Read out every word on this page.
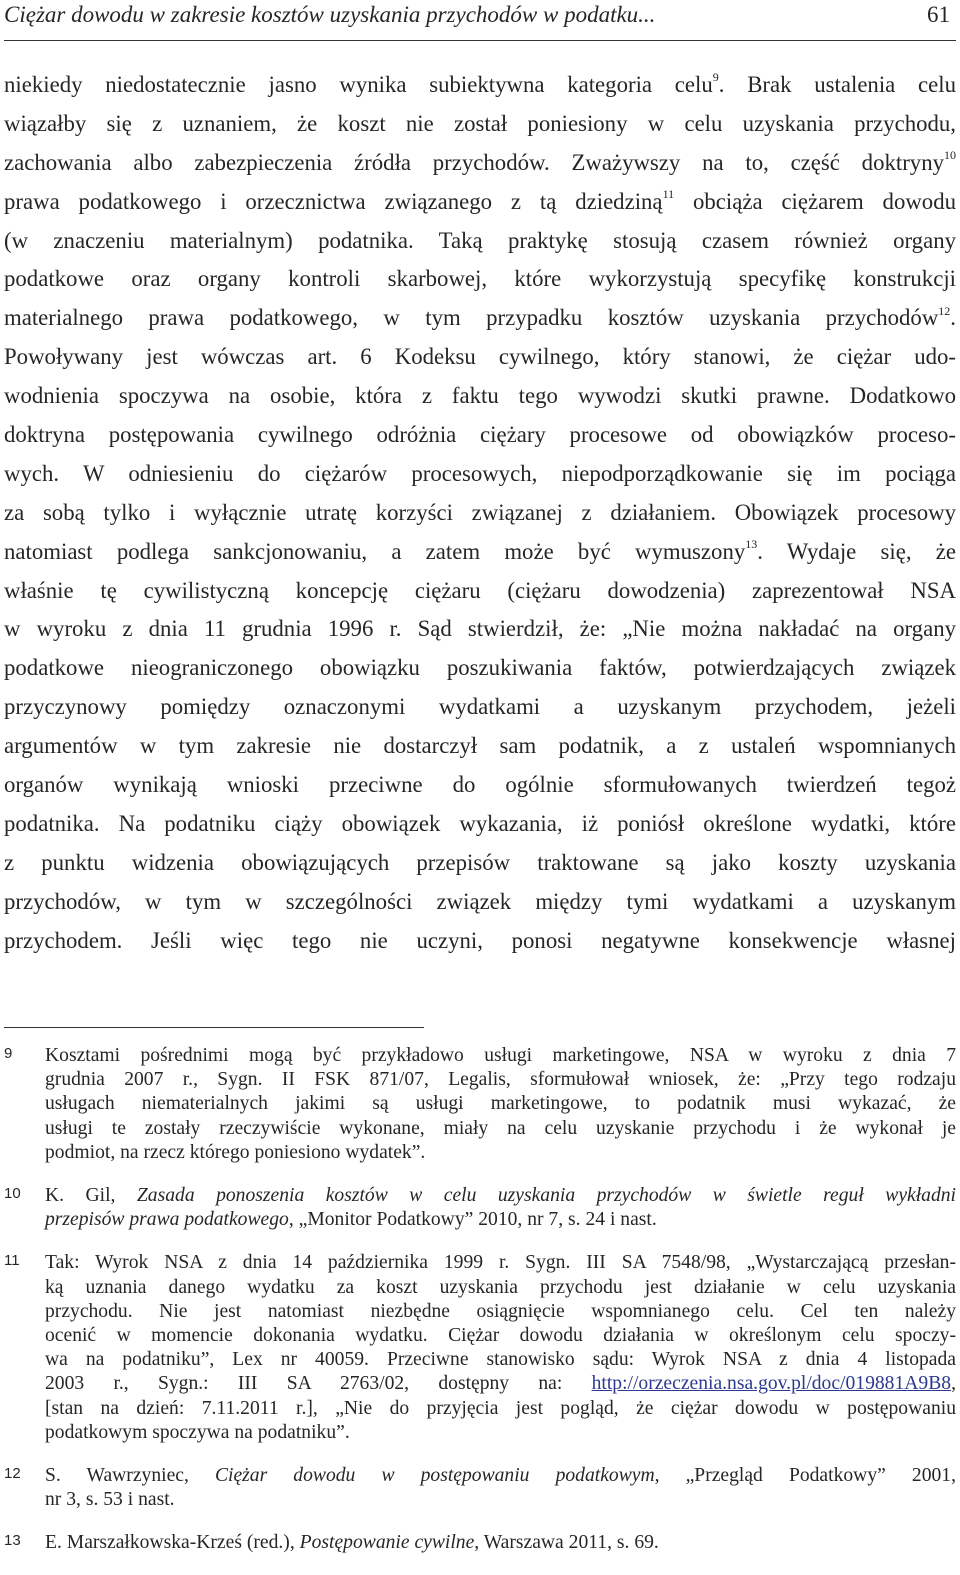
Ciężar dowodu w zakresie kosztów uzyskania przychodów w podatku...	61
niekiedy niedostatecznie jasno wynika subiektywna kategoria celu$^9$. Brak ustalenia celu
wiązałby się z uznaniem, że koszt nie został poniesiony w celu uzyskania przychodu,
zachowania albo zabezpieczenia źródła przychodów. Zważywszy na to, część doktryny$^{10}$
prawa podatkowego i orzecznictwa związanego z tą dziedziną$^{11}$ obciąża ciężarem dowodu
(w znaczeniu materialnym) podatnika. Taką praktykę stosują czasem również organy
podatkowe oraz organy kontroli skarbowej, które wykorzystują specyfikę konstrukcji
materialnego prawa podatkowego, w tym przypadku kosztów uzyskania przychodów$^{12}$.
Powoływany jest wówczas art. 6 Kodeksu cywilnego, który stanowi, że ciężar udo-
wodnienia spoczywa na osobie, która z faktu tego wywodzi skutki prawne. Dodatkowo
doktryna postępowania cywilnego odróżnia ciężary procesowe od obowiązków proceso-
wych. W odniesieniu do ciężarów procesowych, niepodporządkowanie się im pociąga
za sobą tylko i wyłącznie utratę korzyści związanej z działaniem. Obowiązek procesowy
natomiast podlega sankcjonowaniu, a zatem może być wymuszony$^{13}$. Wydaje się, że
właśnie tę cywilistyczną koncepcję ciężaru (ciężaru dowodzenia) zaprezentował NSA
w wyroku z dnia 11 grudnia 1996 r. Sąd stwierdził, że: „Nie można nakładać na organy
podatkowe nieograniczonego obowiązku poszukiwania faktów, potwierdzających związek
przyczynowy pomiędzy oznaczonymi wydatkami a uzyskanym przychodem, jeżeli
argumentów w tym zakresie nie dostarczył sam podatnik, a z ustaleń wspomnianych
organów wynikają wnioski przeciwne do ogólnie sformułowanych twierdzeń tegoż
podatnika. Na podatniku ciąży obowiązek wykazania, iż poniósł określone wydatki, które
z punktu widzenia obowiązujących przepisów traktowane są jako koszty uzyskania
przychodów, w tym w szczególności związek między tymi wydatkami a uzyskanym
przychodem. Jeśli więc tego nie uczyni, ponosi negatywne konsekwencje własnej
9 Kosztami pośrednimi mogą być przykładowo usługi marketingowe, NSA w wyroku z dnia 7
grudnia 2007 r., Sygn. II FSK 871/07, Legalis, sformułował wniosek, że: „Przy tego rodzaju
usługach niematerialnych jakimi są usługi marketingowe, to podatnik musi wykazać, że
usługi te zostały rzeczywiście wykonane, miały na celu uzyskanie przychodu i że wykonał je
podmiot, na rzecz którego poniesiono wydatek”.
10 K. Gil, Zasada ponoszenia kosztów w celu uzyskania przychodów w świetle reguł wykładni
przepisów prawa podatkowego, „Monitor Podatkowy” 2010, nr 7, s. 24 i nast.
11 Tak: Wyrok NSA z dnia 14 października 1999 r. Sygn. III SA 7548/98, „Wystarczającą przesłan-
ką uznania danego wydatku za koszt uzyskania przychodu jest działanie w celu uzyskania
przychodu. Nie jest natomiast niezbędne osiągnięcie wspomnianego celu. Cel ten należy
ocenić w momencie dokonania wydatku. Ciężar dowodu działania w określonym celu spoczy-
wa na podatniku”, Lex nr 40059. Przeciwne stanowisko sądu: Wyrok NSA z dnia 4 listopada
2003 r., Sygn.: III SA 2763/02, dostępny na: http://orzeczenia.nsa.gov.pl/doc/019881A9B8,
[stan na dzień: 7.11.2011 r.], „Nie do przyjęcia jest pogląd, że ciężar dowodu w postępowaniu
podatkowym spoczywa na podatniku”.
12 S. Wawrzyniec, Ciężar dowodu w postępowaniu podatkowym, „Przegląd Podatkowy” 2001,
nr 3, s. 53 i nast.
13 E. Marszałkowska-Krześ (red.), Postępowanie cywilne, Warszawa 2011, s. 69.
